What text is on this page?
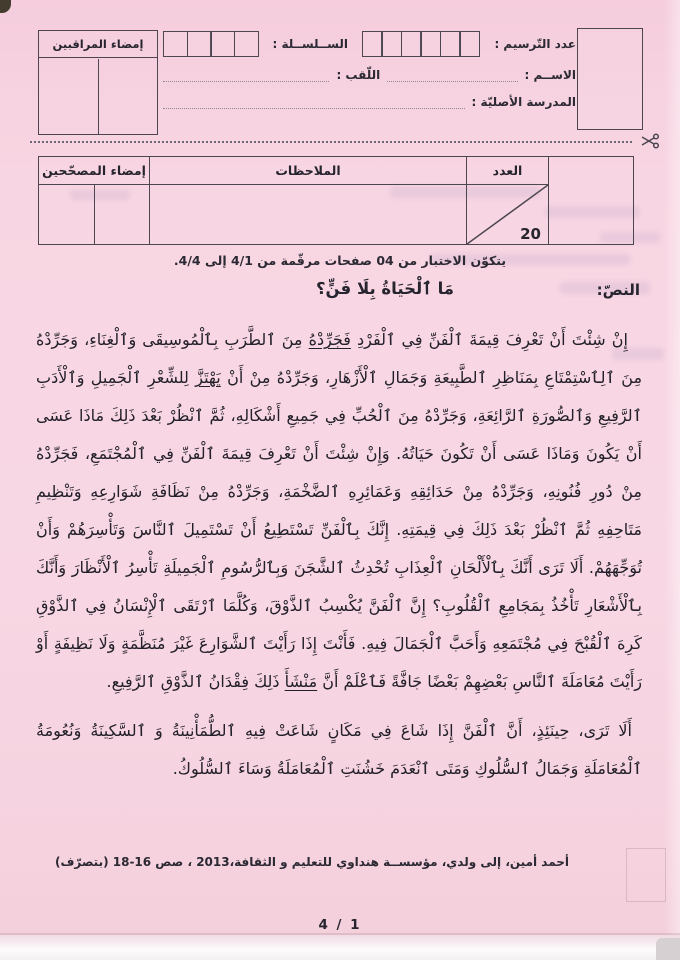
إمضاء المراقبين	عدد التّرسيم :
الســلســلة :
الاســم :
اللّقب :
المدرسة الأصليّة :
إمضاء المصحّحين	الملاحظات	العدد
20
يتكوّن الاختبار من 04 صفحات مرقّمة من 4/1 إلى 4/4.
النصّ:
مَا ٱلْحَيَاةُ بِلَا فَنٍّ؟

إِنْ شِئْتَ أَنْ تَعْرِفَ قِيمَةَ ٱلْفَنِّ فِي ٱلْفَرْدِ فَجَرِّدْهُ مِنَ ٱلطَّرَبِ بِٱلْمُوسِيقَى وَٱلْغِنَاءِ، وَجَرِّدْهُ مِنَ ٱلِٱسْتِمْتَاعِ بِمَنَاظِرِ ٱلطَّبِيعَةِ وَجَمَالِ ٱلْأَزْهَارِ، وَجَرِّدْهُ مِنْ أَنْ يَهْتَزَّ لِلشِّعْرِ ٱلْجَمِيلِ وَٱلْأَدَبِ ٱلرَّفِيعِ وَٱلصُّورَةِ ٱلرَّائِعَةِ، وَجَرِّدْهُ مِنَ ٱلْحُبِّ فِي جَمِيعِ أَشْكَالِهِ، ثُمَّ ٱنْظُرْ بَعْدَ ذَلِكَ مَاذَا عَسَى أَنْ يَكُونَ وَمَاذَا عَسَى أَنْ تَكُونَ حَيَاتُهُ. وَإِنْ شِئْتَ أَنْ تَعْرِفَ قِيمَةَ ٱلْفَنِّ فِي ٱلْمُجْتَمَعِ، فَجَرِّدْهُ مِنْ دُورِ فُنُونِهِ، وَجَرِّدْهُ مِنْ حَدَائِقِهِ وَعَمَائِرِهِ ٱلضَّخْمَةِ، وَجَرِّدْهُ مِنْ نَظَافَةِ شَوَارِعِهِ وَتَنْظِيمِ مَتَاحِفِهِ ثُمَّ ٱنْظُرْ بَعْدَ ذَلِكَ فِي قِيمَتِهِ. إِنَّكَ بِٱلْفَنِّ تَسْتَطِيعُ أَنْ تَسْتَمِيلَ ٱلنَّاسَ وَتَأْسِرَهُمْ وَأَنْ تُوَجِّهَهُمْ. أَلَا تَرَى أَنَّكَ بِٱلْأَلْحَانِ ٱلْعِذَابِ تُحْدِثُ ٱلشَّجَنَ وَبِٱلرُّسُومِ ٱلْجَمِيلَةِ تَأْسِرُ ٱلْأَنْظَارَ وَأَنَّكَ بِٱلْأَشْعَارِ تَأْخُذُ بِمَجَامِعِ ٱلْقُلُوبِ؟ إِنَّ ٱلْفَنَّ يُكْسِبُ ٱلذَّوْقَ، وَكُلَّمَا ٱرْتَقَى ٱلْإِنْسَانُ فِي ٱلذَّوْقِ كَرِهَ ٱلْقُبْحَ فِي مُجْتَمَعِهِ وَأَحَبَّ ٱلْجَمَالَ فِيهِ. فَأَنْتَ إِذَا رَأَيْتَ ٱلشَّوَارِعَ غَيْرَ مُنَظَّمَةٍ وَلَا نَظِيفَةٍ أَوْ رَأَيْتَ مُعَامَلَةَ ٱلنَّاسِ بَعْضِهِمْ بَعْضًا جَافَّةً فَٱعْلَمْ أَنَّ مَنْشَأَ ذَلِكَ فِقْدَانُ ٱلذَّوْقِ ٱلرَّفِيعِ.

أَلَا تَرَى، حِينَئِذٍ، أَنَّ ٱلْفَنَّ إِذَا شَاعَ فِي مَكَانٍ شَاعَتْ فِيهِ ٱلطُّمَأْنِينَةُ وَ ٱلسَّكِينَةُ وَنُعُومَةُ ٱلْمُعَامَلَةِ وَجَمَالُ ٱلسُّلُوكِ وَمَتَى ٱنْعَدَمَ خَشُنَتِ ٱلْمُعَامَلَةُ وَسَاءَ ٱلسُّلُوكُ.

أحمد أمين، إلى ولدي، مؤسســة هنداوي للتعليم و الثقافة،2013 ، صص 16-18 (بتصرّف)
4 / 1
